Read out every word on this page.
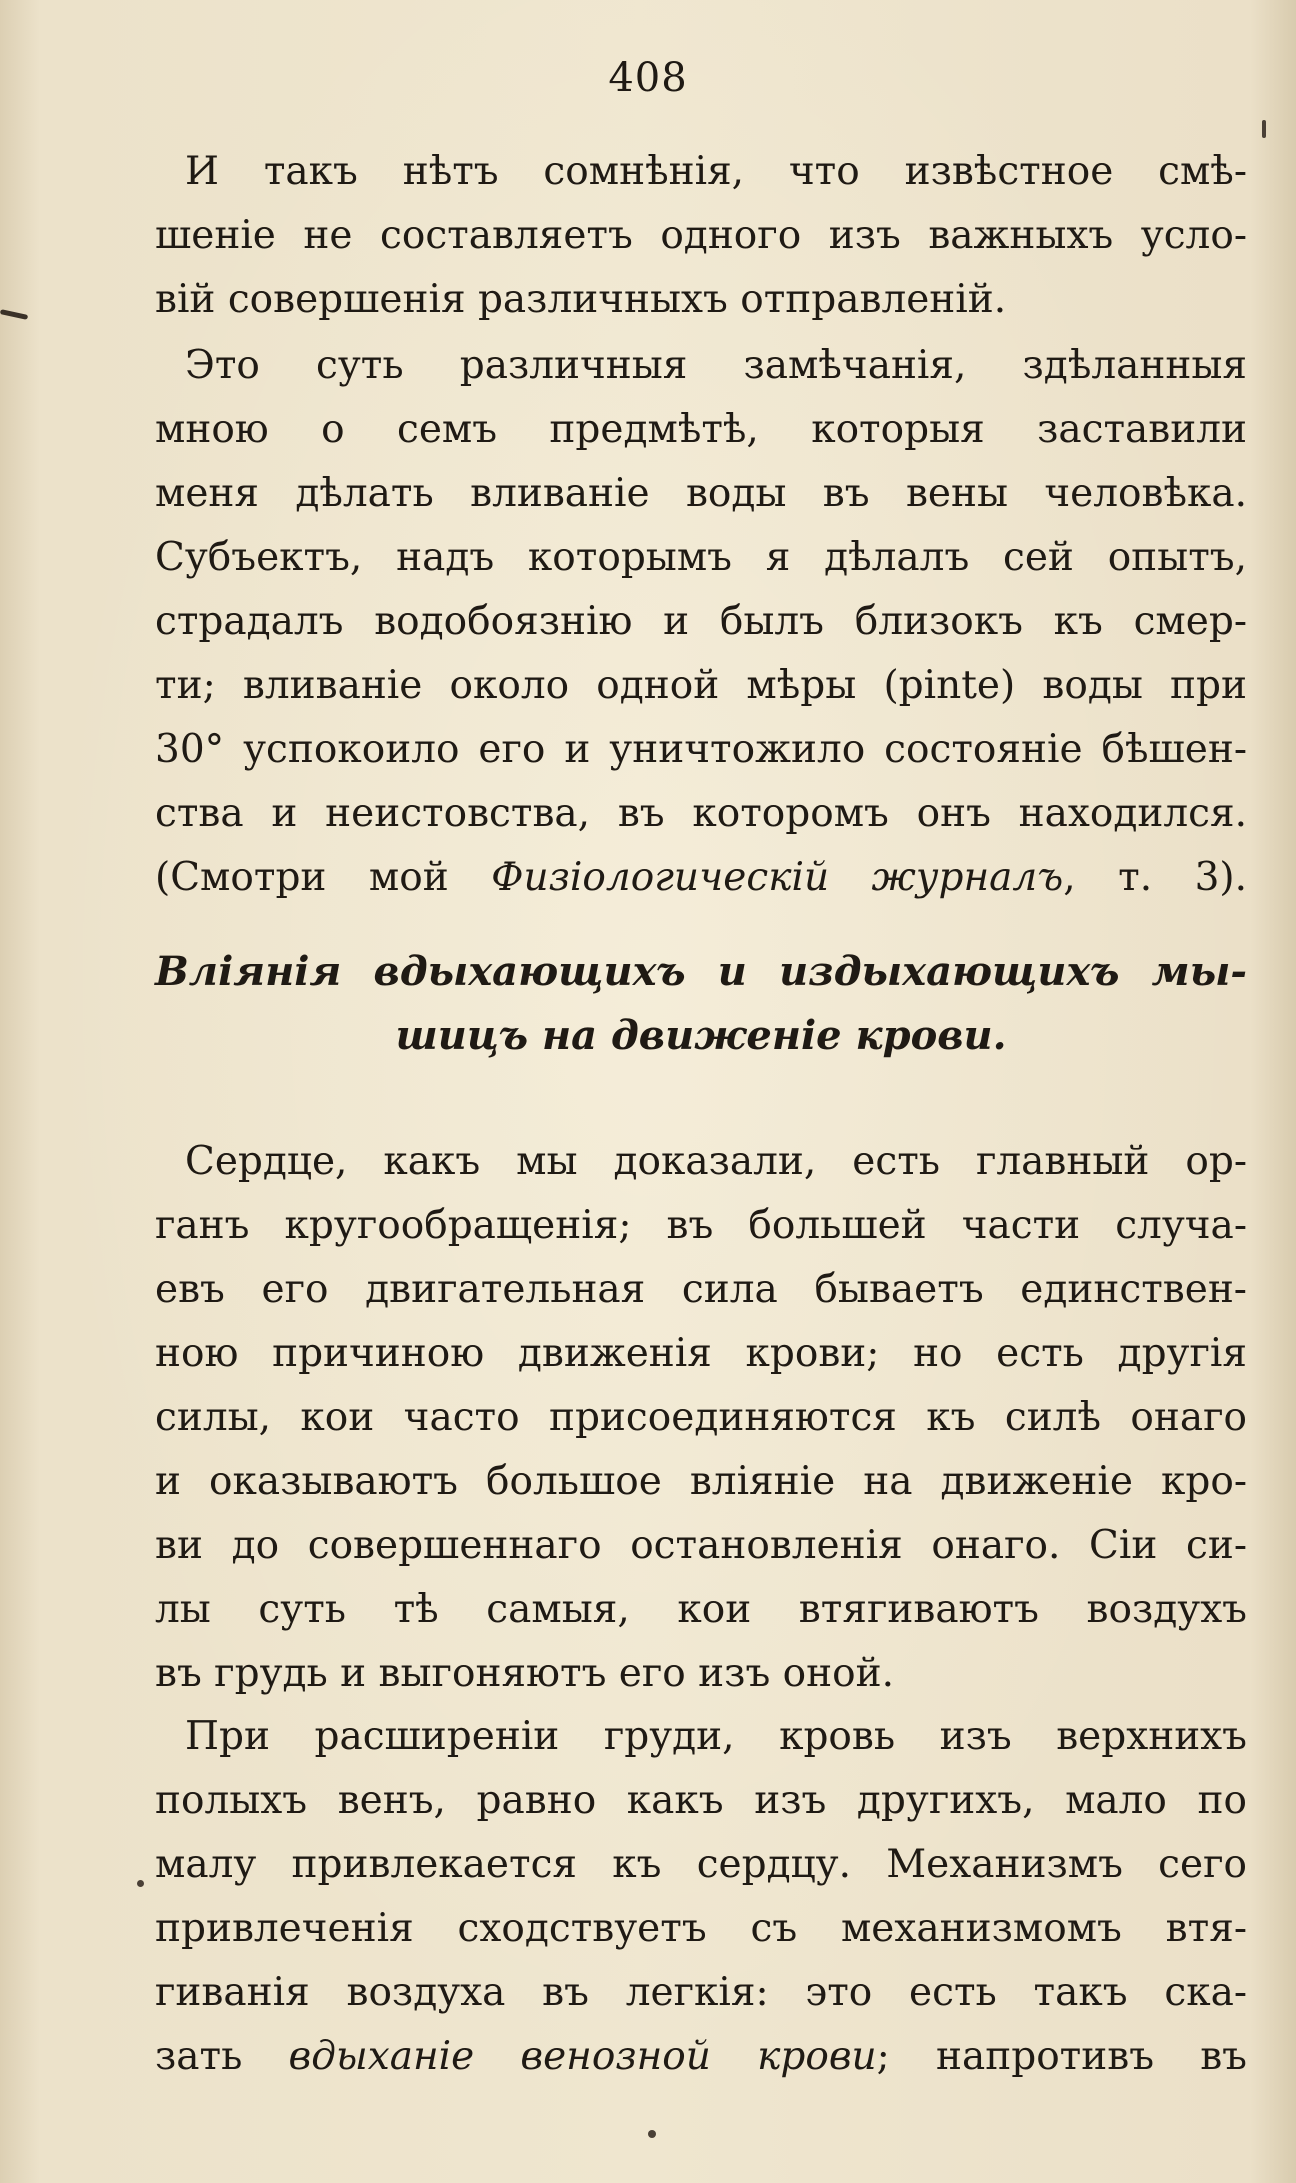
408
И такъ нѣтъ сомнѣнія, что извѣстное смѣ-
шеніе не составляетъ одного изъ важныхъ усло-
вій совершенія различныхъ отправленій.
Это суть различныя замѣчанія, здѣланныя
мною о семъ предмѣтѣ, которыя заставили
меня дѣлать вливаніе воды въ вены человѣка.
Субъектъ, надъ которымъ я дѣлалъ сей опытъ,
страдалъ водобоязнію и былъ близокъ къ смер-
ти; вливаніе около одной мѣры (pinte) воды при
30° успокоило его и уничтожило состояніе бѣшен-
ства и неистовства, въ которомъ онъ находился.
(Смотри мой Физiологическiй журналъ, т. 3).
Влiянiя вдыхающихъ и издыхающихъ мы-
шицъ на движенiе крови.
Сердце, какъ мы доказали, есть главный ор-
ганъ кругообращенія; въ большей части случа-
евъ его двигательная сила бываетъ единствен-
ною причиною движенія крови; но есть другія
силы, кои часто присоединяются къ силѣ онаго
и оказываютъ большое вліяніе на движеніе кро-
ви до совершеннаго остановленія онаго. Сіи си-
лы суть тѣ самыя, кои втягиваютъ воздухъ
въ грудь и выгоняютъ его изъ оной.
При расширеніи груди, кровь изъ верхнихъ
полыхъ венъ, равно какъ изъ другихъ, мало по
малу привлекается къ сердцу. Механизмъ сего
привлеченія сходствуетъ съ механизмомъ втя-
гиванія воздуха въ легкія: это есть такъ ска-
зать вдыханіе венозной крови; напротивъ въ
